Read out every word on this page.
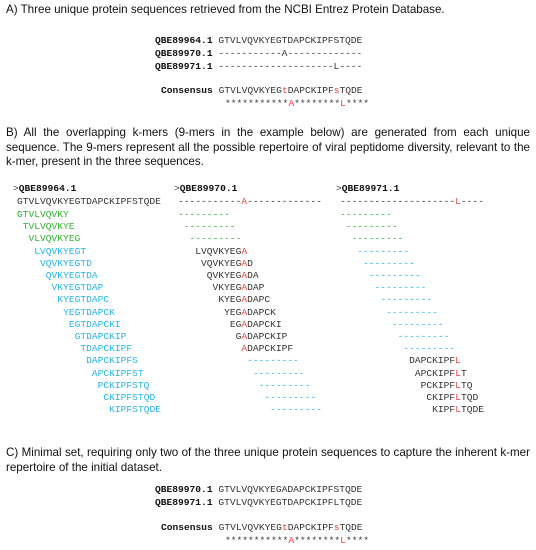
A) Three unique protein sequences retrieved from the NCBI Entrez Protein Database.
QBE89964.1 GTVLVQVKYEGTDAPCKIPFSTQDE
QBE89970.1 -----------A-------------
QBE89971.1 --------------------L----
Consensus GTVLVQVKYEGtDAPCKIPFsTQDE
***********A********L****
B) All the overlapping k-mers (9-mers in the example below) are generated from each unique sequence. The 9-mers represent all the possible repertoire of viral peptidome diversity, relevant to the k-mer, present in the three sequences.
>QBE89964.1
GTVLVQVKYEGTDAPCKIPFSTQDE
GTVLVQVKY
TVLVQVKYE
VLVQVKYEG
LVQVKYEGT
VQVKYEGTD
QVKYEGTDA
VKYEGTDAP
KYEGTDAPC
YEGTDAPCK
EGTDAPCKI
GTDAPCKIP
TDAPCKIPF
DAPCKIPFS
APCKIPFST
PCKIPFSTQ
CKIPFSTQD
KIPFSTQDE
>QBE89970.1
-----------A-------------
---------
---------
---------
LVQVKYEGA
VQVKYEGAD
QVKYEGADA
VKYEGADAP
KYEGADAPC
YEGADAPCK
EGADAPCKI
GADAPCKIP
ADAPCKIPF
---------
---------
---------
---------
---------
>QBE89971.1
--------------------L----
---------
---------
---------
---------
---------
---------
---------
---------
---------
---------
---------
---------
DAPCKIPFL
APCKIPFLT
PCKIPFLTQ
CKIPFLTQD
KIPFLTQDE
C) Minimal set, requiring only two of the three unique protein sequences to capture the inherent k-mer repertoire of the initial dataset.
QBE89970.1 GTVLVQVKYEGADAPCKIPFSTQDE
QBE89971.1 GTVLVQVKYEGTDAPCKIPFLTQDE
Consensus GTVLVQVKYEGtDAPCKIPFsTQDE
***********A********L****
